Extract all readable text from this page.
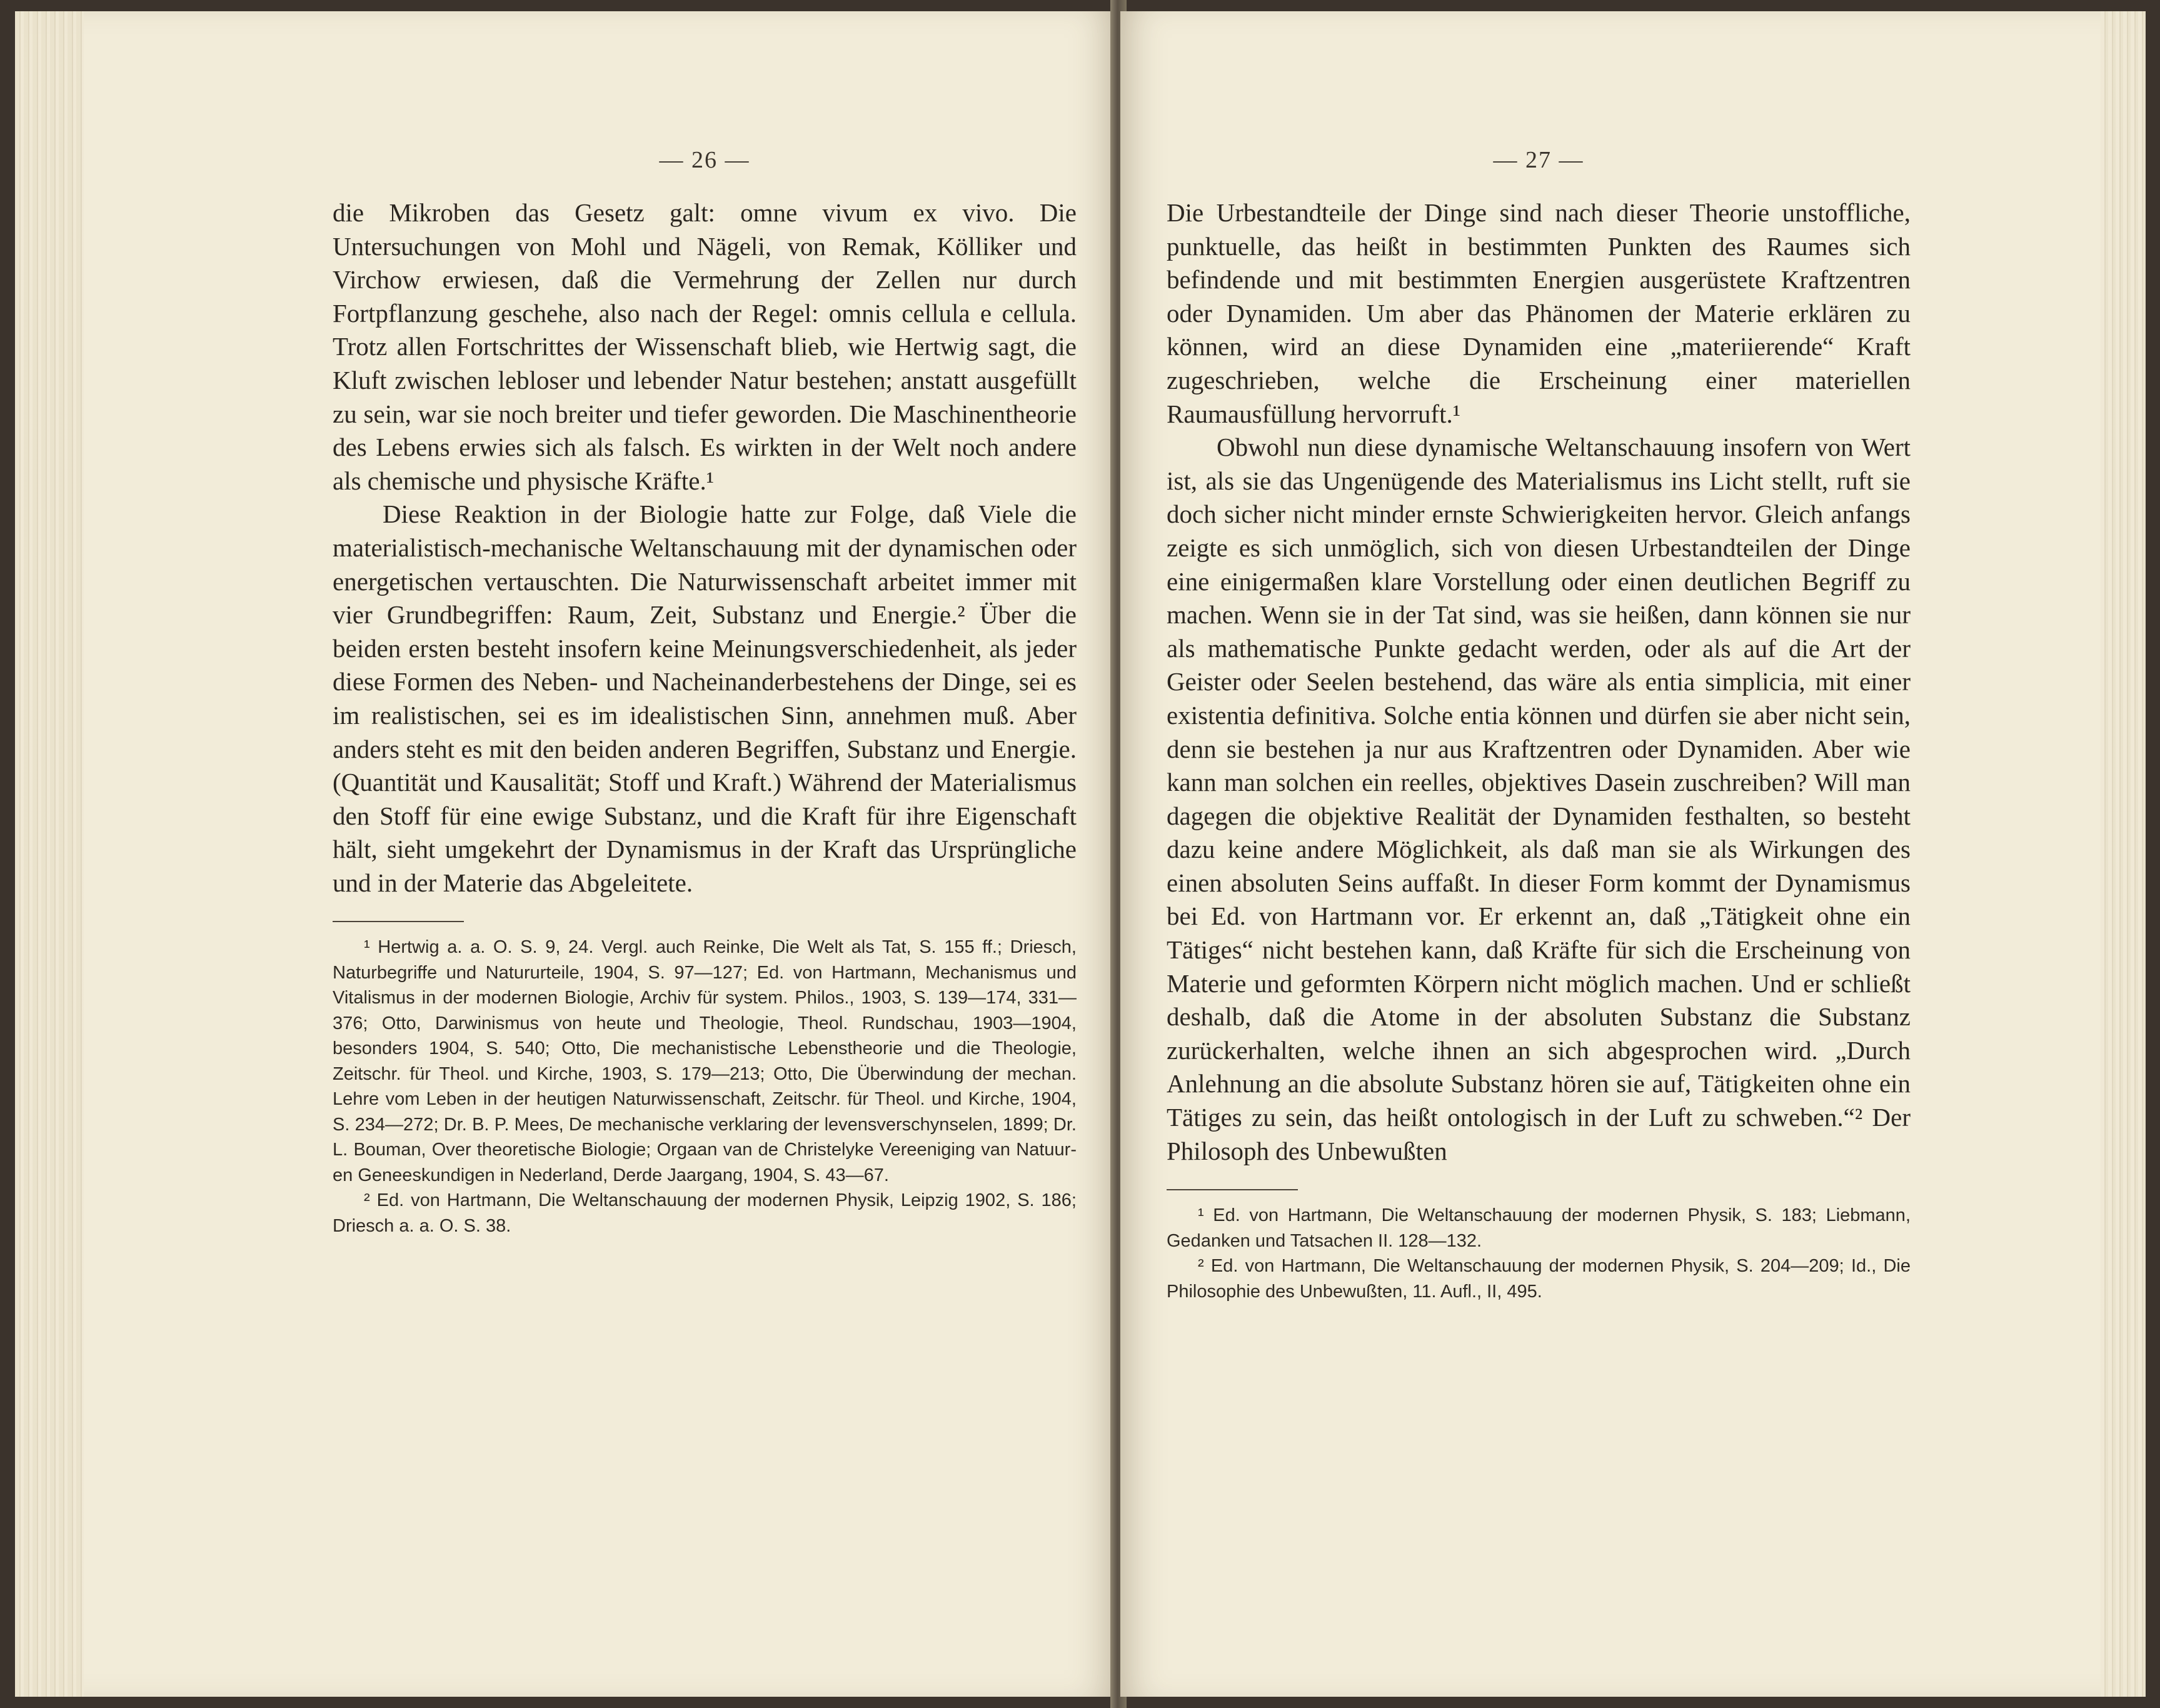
— 26 —

die Mikroben das Gesetz galt: omne vivum ex vivo. Die Untersuchungen von Mohl und Nägeli, von Remak, Kölliker und Virchow erwiesen, daß die Vermehrung der Zellen nur durch Fortpflanzung geschehe, also nach der Regel: omnis cellula e cellula. Trotz allen Fortschrittes der Wissenschaft blieb, wie Hertwig sagt, die Kluft zwischen lebloser und lebender Natur bestehen; anstatt ausgefüllt zu sein, war sie noch breiter und tiefer geworden. Die Maschinentheorie des Lebens erwies sich als falsch. Es wirkten in der Welt noch andere als chemische und physische Kräfte.¹

Diese Reaktion in der Biologie hatte zur Folge, daß Viele die materialistisch-mechanische Weltanschauung mit der dynamischen oder energetischen vertauschten. Die Naturwissenschaft arbeitet immer mit vier Grundbegriffen: Raum, Zeit, Substanz und Energie.² Über die beiden ersten besteht insofern keine Meinungsverschiedenheit, als jeder diese Formen des Neben- und Nacheinanderbestehens der Dinge, sei es im realistischen, sei es im idealistischen Sinn, annehmen muß. Aber anders steht es mit den beiden anderen Begriffen, Substanz und Energie. (Quantität und Kausalität; Stoff und Kraft.) Während der Materialismus den Stoff für eine ewige Substanz, und die Kraft für ihre Eigenschaft hält, sieht umgekehrt der Dynamismus in der Kraft das Ursprüngliche und in der Materie das Abgeleitete.

¹ Hertwig a. a. O. S. 9, 24. Vergl. auch Reinke, Die Welt als Tat, S. 155 ff.; Driesch, Naturbegriffe und Natururteile, 1904, S. 97—127; Ed. von Hartmann, Mechanismus und Vitalismus in der modernen Biologie, Archiv für system. Philos., 1903, S. 139—174, 331—376; Otto, Darwinismus von heute und Theologie, Theol. Rundschau, 1903—1904, besonders 1904, S. 540; Otto, Die mechanistische Lebenstheorie und die Theologie, Zeitschr. für Theol. und Kirche, 1903, S. 179—213; Otto, Die Überwindung der mechan. Lehre vom Leben in der heutigen Naturwissenschaft, Zeitschr. für Theol. und Kirche, 1904, S. 234—272; Dr. B. P. Mees, De mechanische verklaring der levensverschynselen, 1899; Dr. L. Bouman, Over theoretische Biologie; Orgaan van de Christelyke Vereeniging van Natuur- en Geneeskundigen in Nederland, Derde Jaargang, 1904, S. 43—67.

² Ed. von Hartmann, Die Weltanschauung der modernen Physik, Leipzig 1902, S. 186; Driesch a. a. O. S. 38.

— 27 —

Die Urbestandteile der Dinge sind nach dieser Theorie unstoffliche, punktuelle, das heißt in bestimmten Punkten des Raumes sich befindende und mit bestimmten Energien ausgerüstete Kraftzentren oder Dynamiden. Um aber das Phänomen der Materie erklären zu können, wird an diese Dynamiden eine „materiierende“ Kraft zugeschrieben, welche die Erscheinung einer materiellen Raumausfüllung hervorruft.¹

Obwohl nun diese dynamische Weltanschauung insofern von Wert ist, als sie das Ungenügende des Materialismus ins Licht stellt, ruft sie doch sicher nicht minder ernste Schwierigkeiten hervor. Gleich anfangs zeigte es sich unmöglich, sich von diesen Urbestandteilen der Dinge eine einigermaßen klare Vorstellung oder einen deutlichen Begriff zu machen. Wenn sie in der Tat sind, was sie heißen, dann können sie nur als mathematische Punkte gedacht werden, oder als auf die Art der Geister oder Seelen bestehend, das wäre als entia simplicia, mit einer existentia definitiva. Solche entia können und dürfen sie aber nicht sein, denn sie bestehen ja nur aus Kraftzentren oder Dynamiden. Aber wie kann man solchen ein reelles, objektives Dasein zuschreiben? Will man dagegen die objektive Realität der Dynamiden festhalten, so besteht dazu keine andere Möglichkeit, als daß man sie als Wirkungen des einen absoluten Seins auffaßt. In dieser Form kommt der Dynamismus bei Ed. von Hartmann vor. Er erkennt an, daß „Tätigkeit ohne ein Tätiges“ nicht bestehen kann, daß Kräfte für sich die Erscheinung von Materie und geformten Körpern nicht möglich machen. Und er schließt deshalb, daß die Atome in der absoluten Substanz die Substanz zurückerhalten, welche ihnen an sich abgesprochen wird. „Durch Anlehnung an die absolute Substanz hören sie auf, Tätigkeiten ohne ein Tätiges zu sein, das heißt ontologisch in der Luft zu schweben.“² Der Philosoph des Unbewußten

¹ Ed. von Hartmann, Die Weltanschauung der modernen Physik, S. 183; Liebmann, Gedanken und Tatsachen II. 128—132.

² Ed. von Hartmann, Die Weltanschauung der modernen Physik, S. 204—209; Id., Die Philosophie des Unbewußten, 11. Aufl., II, 495.
